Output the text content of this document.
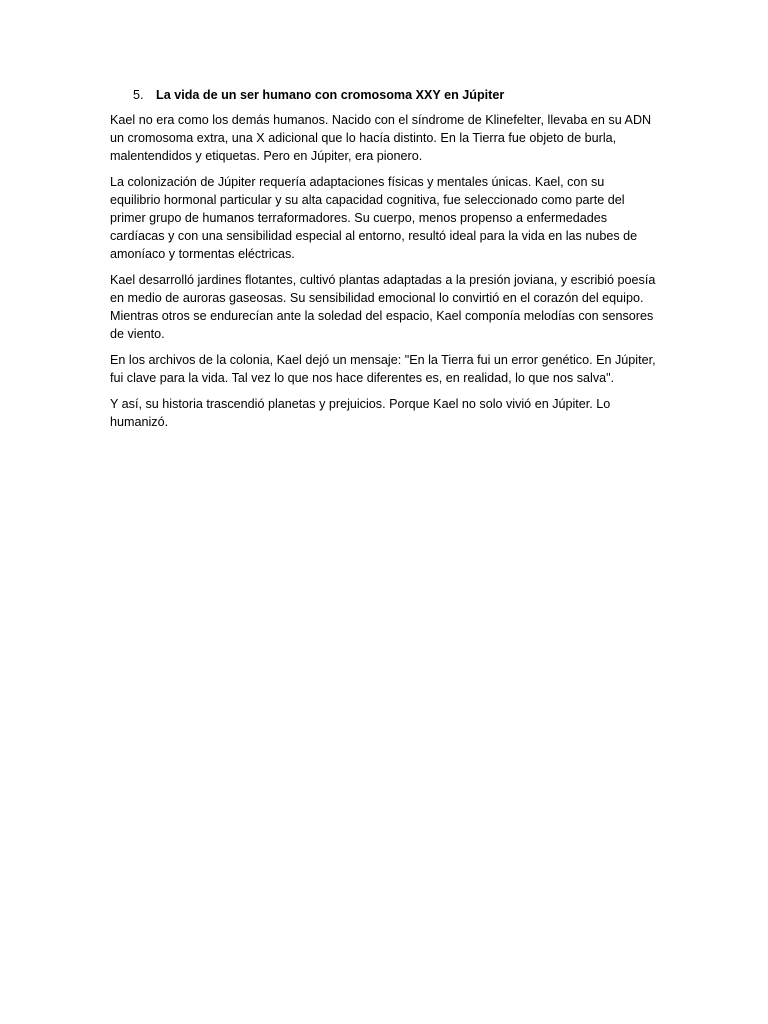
5. La vida de un ser humano con cromosoma XXY en Júpiter

Kael no era como los demás humanos. Nacido con el síndrome de Klinefelter, llevaba en su ADN un cromosoma extra, una X adicional que lo hacía distinto. En la Tierra fue objeto de burla, malentendidos y etiquetas. Pero en Júpiter, era pionero.

La colonización de Júpiter requería adaptaciones físicas y mentales únicas. Kael, con su equilibrio hormonal particular y su alta capacidad cognitiva, fue seleccionado como parte del primer grupo de humanos terraformadores. Su cuerpo, menos propenso a enfermedades cardíacas y con una sensibilidad especial al entorno, resultó ideal para la vida en las nubes de amoníaco y tormentas eléctricas.

Kael desarrolló jardines flotantes, cultivó plantas adaptadas a la presión joviana, y escribió poesía en medio de auroras gaseosas. Su sensibilidad emocional lo convirtió en el corazón del equipo. Mientras otros se endurecían ante la soledad del espacio, Kael componía melodías con sensores de viento.

En los archivos de la colonia, Kael dejó un mensaje: "En la Tierra fui un error genético. En Júpiter, fui clave para la vida. Tal vez lo que nos hace diferentes es, en realidad, lo que nos salva".

Y así, su historia trascendió planetas y prejuicios. Porque Kael no solo vivió en Júpiter. Lo humanizó.
